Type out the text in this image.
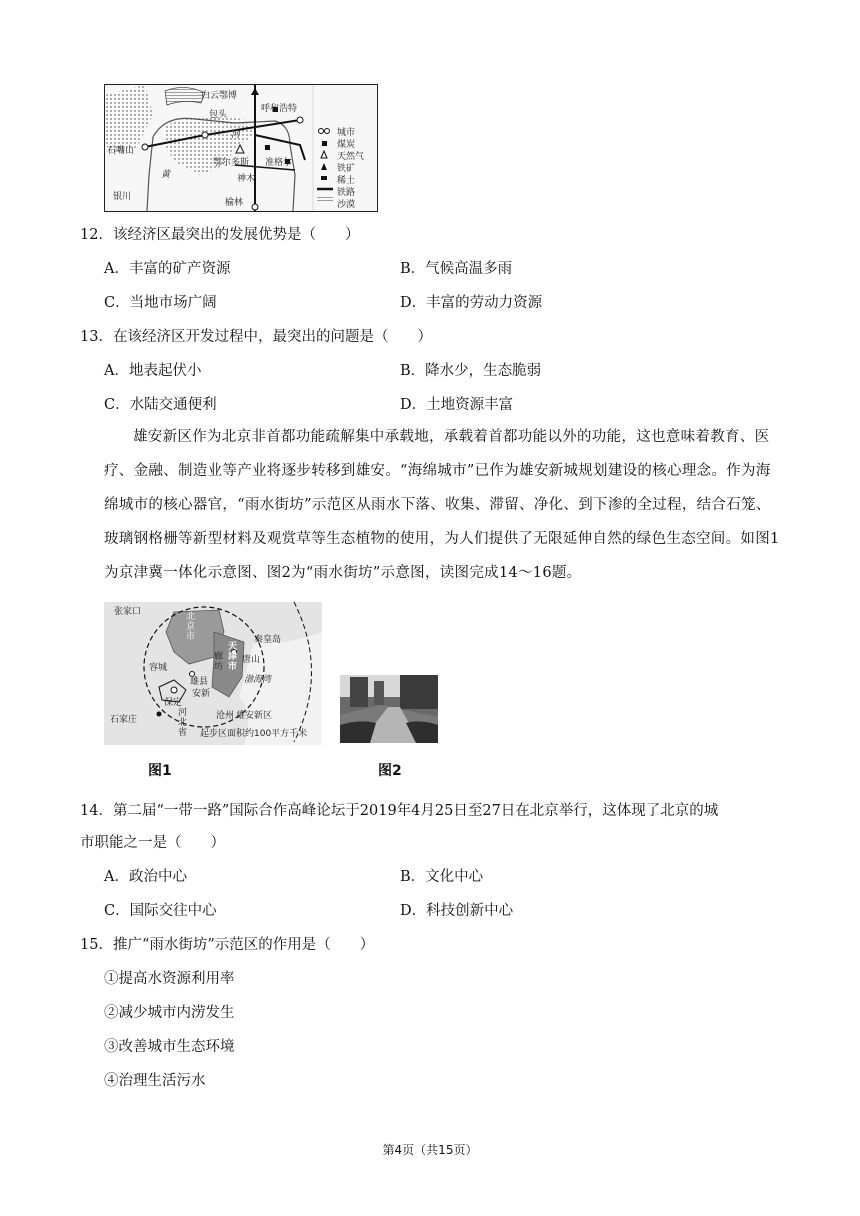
白云鄂博
包头
呼和浩特
石嘴山
鄂尔多斯 准格尔
神木
银川
榆林
黄
河	城市
煤炭
天然气
铁矿
稀土
铁路
沙漠
12．该经济区最突出的发展优势是（　　）
A．丰富的矿产资源	B．气候高温多雨
C．当地市场广阔	D．丰富的劳动力资源
13．在该经济区开发过程中，最突出的问题是（　　）
A．地表起伏小	B．降水少，生态脆弱
C．水陆交通便利	D．土地资源丰富
雄安新区作为北京非首都功能疏解集中承载地，承载着首都功能以外的功能，这也意味着教育、医疗、金融、制造业等产业将逐步转移到雄安。“海绵城市”已作为雄安新城规划建设的核心理念。作为海绵城市的核心器官，“雨水街坊”示范区从雨水下落、收集、滞留、净化、到下渗的全过程，结合石笼、玻璃钢格栅等新型材料及观赏草等生态植物的使用，为人们提供了无限延伸自然的绿色生态空间。如图1为京津冀一体化示意图、图2为“雨水街坊”示意图，读图完成14～16题。
张家口	北京市	秦皇岛
天津市
廊坊
唐山
容城
雄县	渤海湾
安新
石家庄
保定
河北省
沧州 雄安新区
起步区面积约100平方千米
图1	图2
14．第二届“一带一路”国际合作高峰论坛于2019年4月25日至27日在北京举行，这体现了北京的城
市职能之一是（　　）
A．政治中心	B．文化中心
C．国际交往中心	D．科技创新中心
15．推广“雨水街坊”示范区的作用是（　　）
①提高水资源利用率
②减少城市内涝发生
③改善城市生态环境
④治理生活污水
第4页（共15页）
